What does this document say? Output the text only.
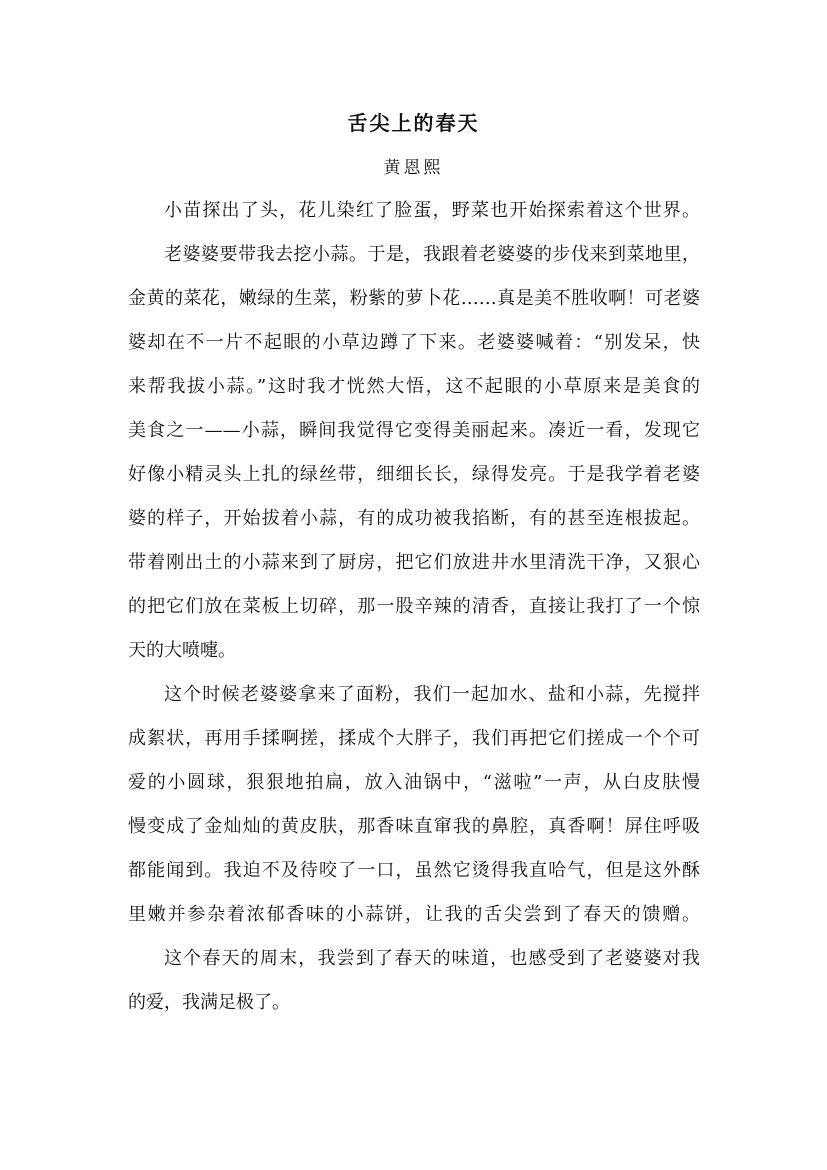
舌尖上的春天
黄恩熙
小苗探出了头，花儿染红了脸蛋，野菜也开始探索着这个世界。
老婆婆要带我去挖小蒜。于是，我跟着老婆婆的步伐来到菜地里，
金黄的菜花，嫩绿的生菜，粉紫的萝卜花……真是美不胜收啊！可老婆
婆却在不一片不起眼的小草边蹲了下来。老婆婆喊着：“别发呆，快
来帮我拔小蒜。”这时我才恍然大悟，这不起眼的小草原来是美食的
美食之一——小蒜，瞬间我觉得它变得美丽起来。凑近一看，发现它
好像小精灵头上扎的绿丝带，细细长长，绿得发亮。于是我学着老婆
婆的样子，开始拔着小蒜，有的成功被我掐断，有的甚至连根拔起。
带着刚出土的小蒜来到了厨房，把它们放进井水里清洗干净，又狠心
的把它们放在菜板上切碎，那一股辛辣的清香，直接让我打了一个惊
天的大喷嚏。
这个时候老婆婆拿来了面粉，我们一起加水、盐和小蒜，先搅拌
成絮状，再用手揉啊搓，揉成个大胖子，我们再把它们搓成一个个可
爱的小圆球，狠狠地拍扁，放入油锅中，“滋啦”一声，从白皮肤慢
慢变成了金灿灿的黄皮肤，那香味直窜我的鼻腔，真香啊！屏住呼吸
都能闻到。我迫不及待咬了一口，虽然它烫得我直哈气，但是这外酥
里嫩并参杂着浓郁香味的小蒜饼，让我的舌尖尝到了春天的馈赠。
这个春天的周末，我尝到了春天的味道，也感受到了老婆婆对我
的爱，我满足极了。
